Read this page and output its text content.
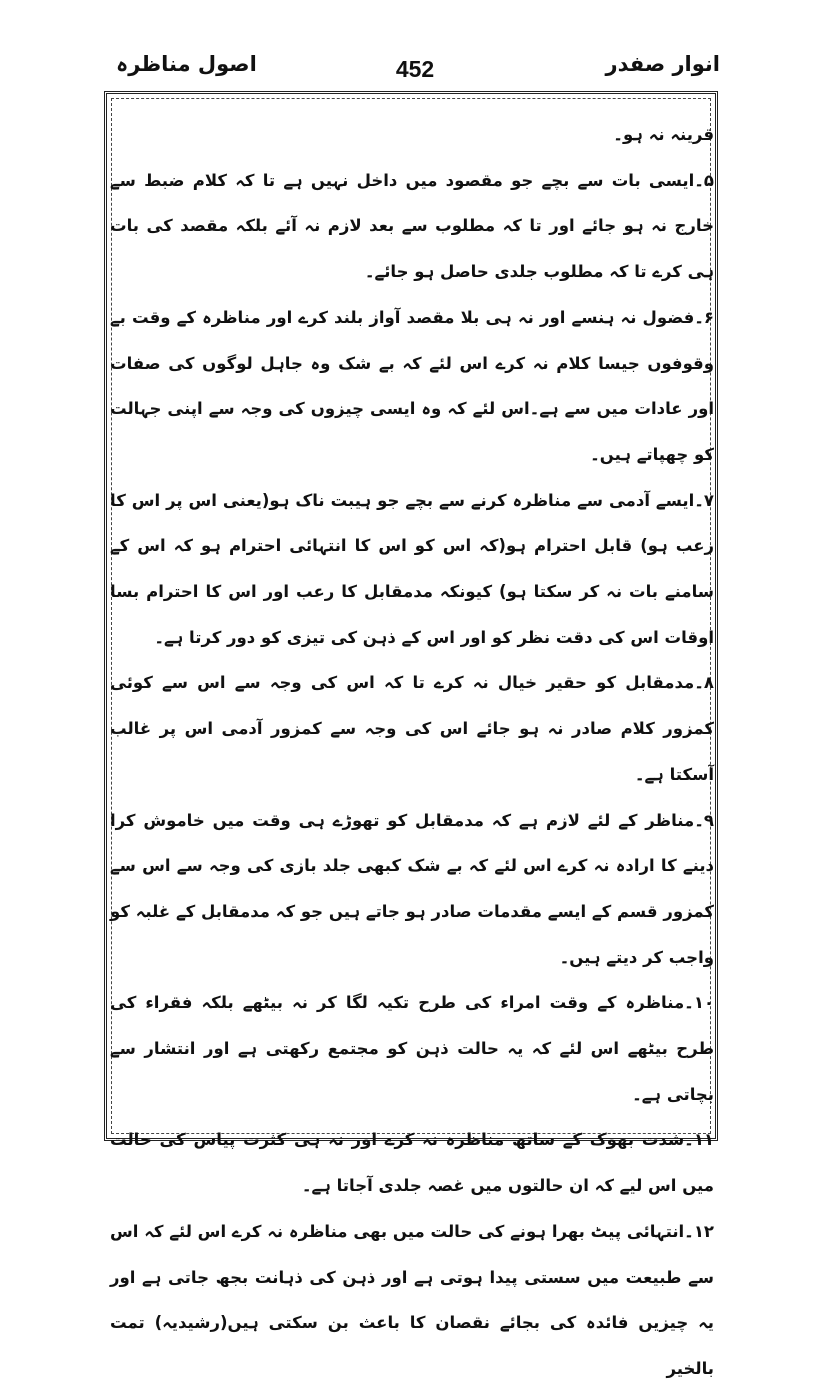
انوار صفدر
452
اصول مناظرہ

قرینہ نہ ہو۔

۵۔ایسی بات سے بچے جو مقصود میں داخل نہیں ہے تا کہ کلام ضبط سے خارج نہ ہو جائے اور تا کہ مطلوب سے بعد لازم نہ آئے بلکہ مقصد کی بات ہی کرے تا کہ مطلوب جلدی حاصل ہو جائے۔

۶۔فضول نہ ہنسے اور نہ ہی بلا مقصد آواز بلند کرے اور مناظرہ کے وقت بے وقوفوں جیسا کلام نہ کرے اس لئے کہ بے شک وہ جاہل لوگوں کی صفات اور عادات میں سے ہے۔اس لئے کہ وہ ایسی چیزوں کی وجہ سے اپنی جہالت کو چھپاتے ہیں۔

۷۔ایسے آدمی سے مناظرہ کرنے سے بچے جو ہیبت ناک ہو(یعنی اس پر اس کا رعب ہو) قابل احترام ہو(کہ اس کو اس کا انتہائی احترام ہو کہ اس کے سامنے بات نہ کر سکتا ہو) کیونکہ مدمقابل کا رعب اور اس کا احترام بسا اوقات اس کی دقت نظر کو اور اس کے ذہن کی تیزی کو دور کرتا ہے۔

۸۔مدمقابل کو حقیر خیال نہ کرے تا کہ اس کی وجہ سے اس سے کوئی کمزور کلام صادر نہ ہو جائے اس کی وجہ سے کمزور آدمی اس پر غالب آسکتا ہے۔

۹۔مناظر کے لئے لازم ہے کہ مدمقابل کو تھوڑے ہی وقت میں خاموش کرا دینے کا ارادہ نہ کرے اس لئے کہ بے شک کبھی جلد بازی کی وجہ سے اس سے کمزور قسم کے ایسے مقدمات صادر ہو جاتے ہیں جو کہ مدمقابل کے غلبہ کو واجب کر دیتے ہیں۔

۱۰۔مناظرہ کے وقت امراء کی طرح تکیہ لگا کر نہ بیٹھے بلکہ فقراء کی طرح بیٹھے اس لئے کہ یہ حالت ذہن کو مجتمع رکھتی ہے اور انتشار سے بچاتی ہے۔

۱۱۔شدت بھوک کے ساتھ مناظرہ نہ کرے اور نہ ہی کثرت پیاس کی حالت میں اس لیے کہ ان حالتوں میں غصہ جلدی آجاتا ہے۔

۱۲۔انتہائی پیٹ بھرا ہونے کی حالت میں بھی مناظرہ نہ کرے اس لئے کہ اس سے طبیعت میں سستی پیدا ہوتی ہے اور ذہن کی ذہانت بجھ جاتی ہے اور یہ چیزیں فائدہ کی بجائے نقصان کا باعث بن سکتی ہیں(رشیدیہ) تمت بالخیر
